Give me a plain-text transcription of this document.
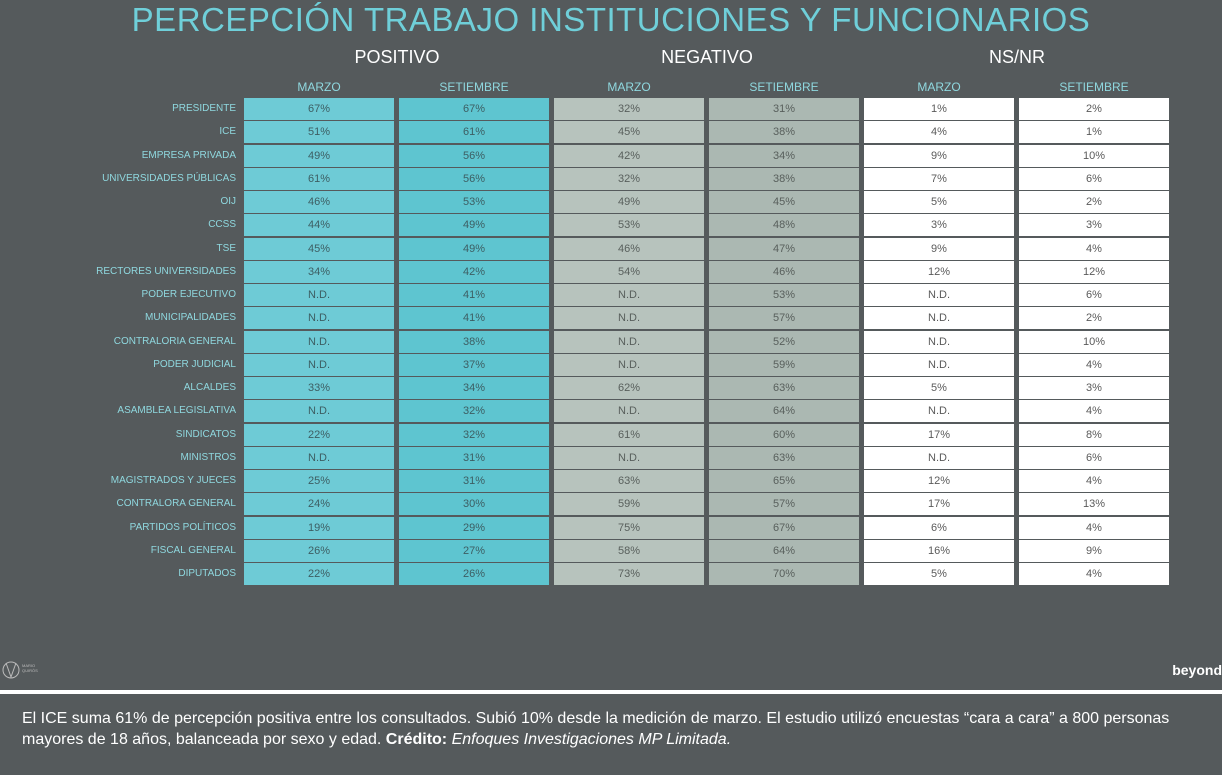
PERCEPCIÓN TRABAJO INSTITUCIONES Y FUNCIONARIOS
POSITIVO	NEGATIVO	NS/NR
MARZO	SETIEMBRE	MARZO	SETIEMBRE	MARZO	SETIEMBRE
PRESIDENTE	67%	67%	32%	31%	1%	2%
ICE	51%	61%	45%	38%	4%	1%
EMPRESA PRIVADA	49%	56%	42%	34%	9%	10%
UNIVERSIDADES PÚBLICAS	61%	56%	32%	38%	7%	6%
OIJ	46%	53%	49%	45%	5%	2%
CCSS	44%	49%	53%	48%	3%	3%
TSE	45%	49%	46%	47%	9%	4%
RECTORES UNIVERSIDADES	34%	42%	54%	46%	12%	12%
PODER EJECUTIVO	N.D.	41%	N.D.	53%	N.D.	6%
MUNICIPALIDADES	N.D.	41%	N.D.	57%	N.D.	2%
CONTRALORIA GENERAL	N.D.	38%	N.D.	52%	N.D.	10%
PODER JUDICIAL	N.D.	37%	N.D.	59%	N.D.	4%
ALCALDES	33%	34%	62%	63%	5%	3%
ASAMBLEA LEGISLATIVA	N.D.	32%	N.D.	64%	N.D.	4%
SINDICATOS	22%	32%	61%	60%	17%	8%
MINISTROS	N.D.	31%	N.D.	63%	N.D.	6%
MAGISTRADOS Y JUECES	25%	31%	63%	65%	12%	4%
CONTRALORA GENERAL	24%	30%	59%	57%	17%	13%
PARTIDOS POLÍTICOS	19%	29%	75%	67%	6%	4%
FISCAL GENERAL	26%	27%	58%	64%	16%	9%
DIPUTADOS	22%	26%	73%	70%	5%	4%
MARIO QUIRÓS	beyond

El ICE suma 61% de percepción positiva entre los consultados. Subió 10% desde la medición de marzo. El estudio utilizó encuestas “cara a cara” a 800 personas mayores de 18 años, balanceada por sexo y edad. Crédito: Enfoques Investigaciones MP Limitada.
